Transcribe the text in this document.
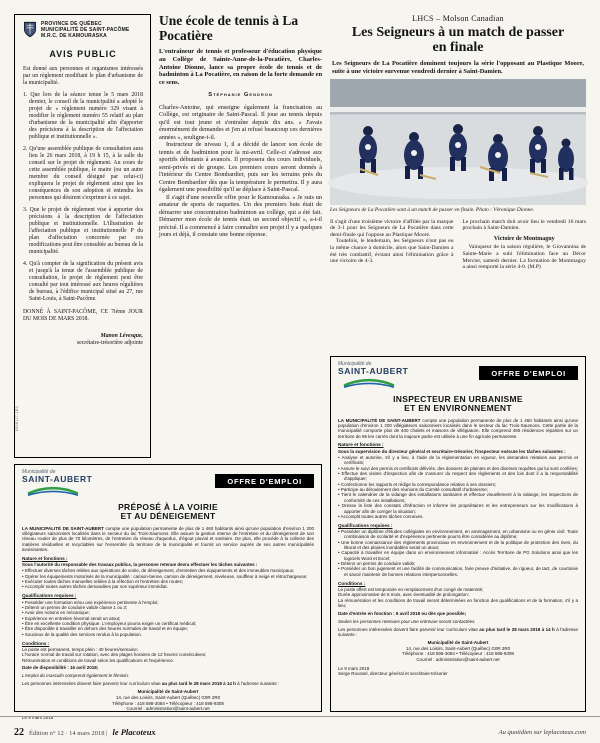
PROVINCE DE QUÉBEC
MUNICIPALITÉ DE SAINT-PACÔME
M.R.C. DE KAMOURASKA
AVIS PUBLIC

Est donné aux personnes et organismes intéressés par un règlement modifiant le plan d'urbanisme de la municipalité.

1. Que lors de la séance tenue le 5 mars 2018 dernier, le conseil de la municipalité a adopté le projet de « règlement numéro 329 visant à modifier le règlement numéro 55 relatif au plan d'urbanisme de la municipalité afin d'apporter des précisions à la description de l'affectation publique et institutionnelle ».

2. Qu'une assemblée publique de consultation aura lieu le 26 mars 2018, à 19 h 15, à la salle du conseil sur le projet de règlement. Au cours de cette assemblée publique, le maire (ou un autre membre du conseil désigné par celui-ci) expliquera le projet de règlement ainsi que les conséquences de son adoption et entendra les personnes qui désirent s'exprimer à ce sujet.

3. Que le projet de règlement vise à apporter des précisions à la description de l'affectation publique et institutionnelle. L'illustration de l'affectation publique et institutionnelle P du plan d'affectation concernée par ces modifications peut être consultée au bureau de la municipalité.

4. Qu'à compter de la signification du présent avis et jusqu'à la tenue de l'assemblée publique de consultation, le projet de règlement peut être consulté par tout intéressé aux heures régulières de bureau, à l'édifice municipal situé au 27, rue Saint-Louis, à Saint-Pacôme.

DONNÉ À SAINT-PACÔME, CE 7ième JOUR DU MOIS DE MARS 2018.

Manon Lévesque,
secrétaire-trésorière adjointe
6336117-1E2
Une école de tennis à La Pocatière

L'entraîneur de tennis et professeur d'éducation physique au Collège de Sainte-Anne-de-la-Pocatière, Charles-Antoine Dionne, lance sa propre école de tennis et de badminton à La Pocatière, en raison de la forte demande en ce sens.

Stéphanie Gendron

Charles-Antoine, qui enseigne également la francisation au Collège, est originaire de Saint-Pascal. Il joue au tennis depuis qu'il est tout jeune et s'entraîne depuis dix ans. « J'avais énormément de demandes et j'en ai refusé beaucoup ces dernières années », souligne-t-il.

Instructeur de niveau 1, il a décidé de lancer son école de tennis et de badminton pour la mi-avril. Celle-ci s'adresse aux sportifs débutants à avancés. Il proposera des cours individuels, semi-privés et de groupe. Les premiers cours seront donnés à l'intérieur du Centre Bombardier, puis sur les terrains près du Centre Bombardier dès que la température le permettra. Il y aura également une possibilité qu'il se déplace à Saint-Pascal.

Il s'agit d'une nouvelle offre pour le Kamouraska. « Je suis un amateur de sports de raquettes. Un des premiers buts était de démarrer une concentration badminton au collège, qui a été fait. Démarrer mon école de tennis était un second objectif », a-t-il précisé. Il a commencé à faire connaître son projet il y a quelques jours et déjà, il constate une bonne réponse.

LHCS – Molson Canadian
Les Seigneurs à un match de passer en finale

Les Seigneurs de La Pocatière dominent toujours la série l'opposant au Plastique Moore, suite à une victoire survenue vendredi dernier à Saint-Damien.

Les Seigneurs de La Pocatière sont à un match de passer en finale. Photo : Véronique Dionne.

Il s'agit d'une troisième victoire d'affilée par la marque de 3-1 pour les Seigneurs de La Pocatière dans cette demi-finale qui l'oppose au Plastique Moore.

Toutefois, le lendemain, les Seigneurs n'ont pas eu la même chance à domicile, alors que Saint-Damien a été très combattif, évitant ainsi l'élimination grâce à une victoire de 4-3.

Le prochain match doit avoir lieu le vendredi 16 mars prochain à Saint-Damien.

Victoire de Montmagny

Vainqueur de la saison régulière, le Giovannina de Sainte-Marie a subi l'élimination face au Décor Mercier, samedi dernier. La formation de Montmagny a ainsi remporté la série 4-0. (M.P)

Municipalité de
SAINT-AUBERT	OFFRE D'EMPLOI
PRÉPOSÉ À LA VOIRIE
ET AU DÉNEIGEMENT

LA MUNICIPALITÉ DE SAINT-AUBERT compte une population permanente de plus de 1 460 habitants ainsi qu'une population d'environ 1 200 villégiateurs saisonniers localisés dans le secteur du lac Trois-Saumons. Elle assure la gestion interne de l'entretien et du déneigement de son réseau routier de plus de 70 kilomètres, de l'entretien du réseau d'aqueduc, d'égout pluvial et sanitaire. De plus, elle procède à la collecte des matières résiduelles et recyclables sur l'ensemble du territoire de la municipalité et fournit un service auprès de ses autres municipalités avoisinantes.

Nature et fonctions :
Sous l'autorité du responsable des travaux publics, la personne retenue devra effectuer les tâches suivantes :

• Effectuer diverses tâches reliées aux opérations de voirie, de déneigement, d'entretien des équipements et des immeubles municipaux;

• Opérer les équipements motorisés de la municipalité : camion-benne, camion de déneigement, niveleuse, souffleur à neige et rétrochargeuse;

• Exécuter toutes tâches manuelles reliées à la réfection et l'entretien des routes;

• Accomplir toutes autres tâches demandées par son supérieur immédiat.

Qualifications requises :

• Posséder une formation et/ou une expérience pertinente à l'emploi;

• Détenir un permis de conduire valide classe 1 ou 3;

• Avoir des notions en mécanique;

• Expérience en entretien hivernal serait un atout;

• Être en excellente condition physique. L'employeur pourra exiger un certificat médical;

• Être disponible à travailler en dehors des heures normales de travail et en équipe;

• Soucieux de la qualité des services rendus à la population.

Conditions :

Le poste est permanent, temps plein : 40 heures/semaine;

L'horaire normal de travail sur rotation, avec des plages horaires de 12 heures consécutives;

Rémunération et conditions de travail selon les qualifications et l'expérience.

Date de disponibilité : 16 avril 2018;

L'emploi du masculin comprend également le féminin.

Les personnes intéressées doivent faire parvenir leur curriculum vitae au plus tard le 28 mars 2018 à 14 h à l'adresse suivante :

Municipalité de Saint-Aubert
14, rue des Loisirs, Saint-Aubert (Québec) G0R 2R0
Téléphone : 418 598-3084 • Télécopieur : 418 598-9308
Courriel : administration@saint-aubert.net

Le 9 mars 2018

Municipalité de
SAINT-AUBERT	OFFRE D'EMPLOI
INSPECTEUR EN URBANISME
ET EN ENVIRONNEMENT

LA MUNICIPALITÉ DE SAINT-AUBERT compte une population permanente de plus de 1 460 habitants ainsi qu'une population d'environ 1 200 villégiateurs saisonniers localisés dans le secteur du lac Trois-Saumons. Cette partie de la municipalité comporte plus de 400 chalets et maisons de villégiature. Elle comprend 485 résidences réparties sur un territoire de 96 km carrés dont la majeure partie est utilisée à une fin agricole permanente.

Nature et fonctions :
Sous la supervision du directeur général et secrétaire-trésorier, l'inspecteur exécute les tâches suivantes :

• Analyse et autorise, s'il y a lieu, à l'aide de la réglementation en vigueur, les demandes relatives aux permis et certificats;

• Assure le suivi des permis et certificats délivrés, des dossiers de plaintes et des diverses requêtes qui lui sont confiées;

• Effectue des visites d'inspection afin de s'assurer du respect des règlements et des lois dont il a la responsabilité d'appliquer;

• Confectionne les rapports et rédige la correspondance relative à ses dossiers;

• Participe au déroulement des réunions du Comité consultatif d'urbanisme;

• Tient le calendrier de la vidange des installations sanitaires et effectue visuellement à la vidange, les inspections de conformité de ces installations;

• Dresse la liste des constats d'infraction et informe les propriétaires et les entrepreneurs sur les modifications à apporter afin de corriger la situation;

• Accomplit toutes autres tâches connexes.

Qualifications requises :

• Posséder un diplôme d'études collégiales en environnement, en aménagement, en urbanisme ou en génie civil. Toute combinaison de scolarité et d'expérience pertinente pourra être considérée au diplôme;

• Une bonne connaissance des règlements provinciaux en environnement et de la politique de protection des rives, du littoral et des plaines inondables serait un atout;

• Capacité à travailler en équipe dans un environnement informatisé : Accès Territoire de PG Solutions ainsi que les logiciels Word et Excel;

• Détenir un permis de conduire valide;

• Posséder un bon jugement et une facilité de communication, faire preuve d'initiative, de rigueur, de tact, de courtoisie et savoir maintenir de bonnes relations interpersonnelles.

Conditions :

Le poste offert est temporaire en remplacement d'un congé de maternité;

Durée approximative de 6 mois, avec éventualité de prolongation;

La rémunération et les conditions de travail seront déterminées en fonction des qualifications et de la formation, s'il y a lieu;

Date d'entrée en fonction : 9 avril 2018 ou dès que possible;

Seules les personnes retenues pour une entrevue seront contactées.

Les personnes intéressées doivent faire parvenir leur curriculum vitae au plus tard le 28 mars 2018 à 14 h à l'adresse suivante :

Municipalité de Saint-Aubert
14, rue des Loisirs, Saint-Aubert (Québec) G0R 2R0
Téléphone : 418 598-3084 • Télécopieur : 418 598-9308
Courriel : administration@saint-aubert.net

Le 9 mars 2018

Serge Roussel, directeur général et secrétaire-trésorier

22 Édition n° 12 · 14 mars 2018 | le Placoteux	Au quotidien sur leplacoteux.com
